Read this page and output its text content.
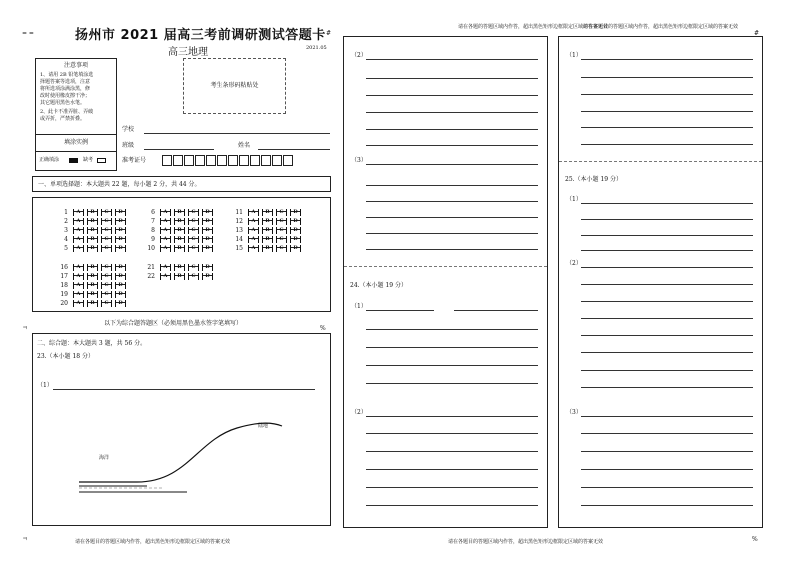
= =	#	#
ㅋ	%
ㅋ	%
扬州市 2021 届高三考前调研测试答题卡
高三地理	2021.05
注意事项
1、请用 2B 铅笔填涂选
择题答案等选项，注意
将所选项涂满涂黑，修
改时使用橡皮擦干净；
其它题用黑色水笔。
2、此卡不准弄脏、弄破
或弄折，严禁折叠。
填涂实例
正确填涂	缺考
考生条形码粘贴处
学校
班级	姓名
准考证号
一、单项选择题：本大题共 22 题，每小题 2 分，共 44 分。
1	A	B	C	D
2	A	B	C	D
3	A	B	C	D
4	A	B	C	D
5	A	B	C	D
6	A	B	C	D
7	A	B	C	D
8	A	B	C	D
9	A	B	C	D
10	A	B	C	D
11	A	B	C	D
12	A	B	C	D
13	A	B	C	D
14	A	B	C	D
15	A	B	C	D
16	A	B	C	D
17	A	B	C	D
18	A	B	C	D
19	A	B	C	D
20	A	B	C	D
21	A	B	C	D
22	A	B	C	D
以下为综合题答题区（必须用黑色墨水签字笔填写）
二、综合题：本大题共 3 题，共 56 分。
23.（本小题 18 分）
（1）
陆地
海洋
请在各题目的答题区域内作答，超出黑色矩形边框限定区域的答案无效	请在各题目的答题区域内作答，超出黑色矩形边框限定区域的答案无效
请在各题的答题区域内作答，超出黑色矩形边框限定区域的答案无效
（2）
（3）
24.（本小题 19 分）
（1）
（2）
请在各题目的答题区域内作答，超出黑色矩形边框限定区域的答案无效
（1）
25.（本小题 19 分）
（1）
（2）
（3）
